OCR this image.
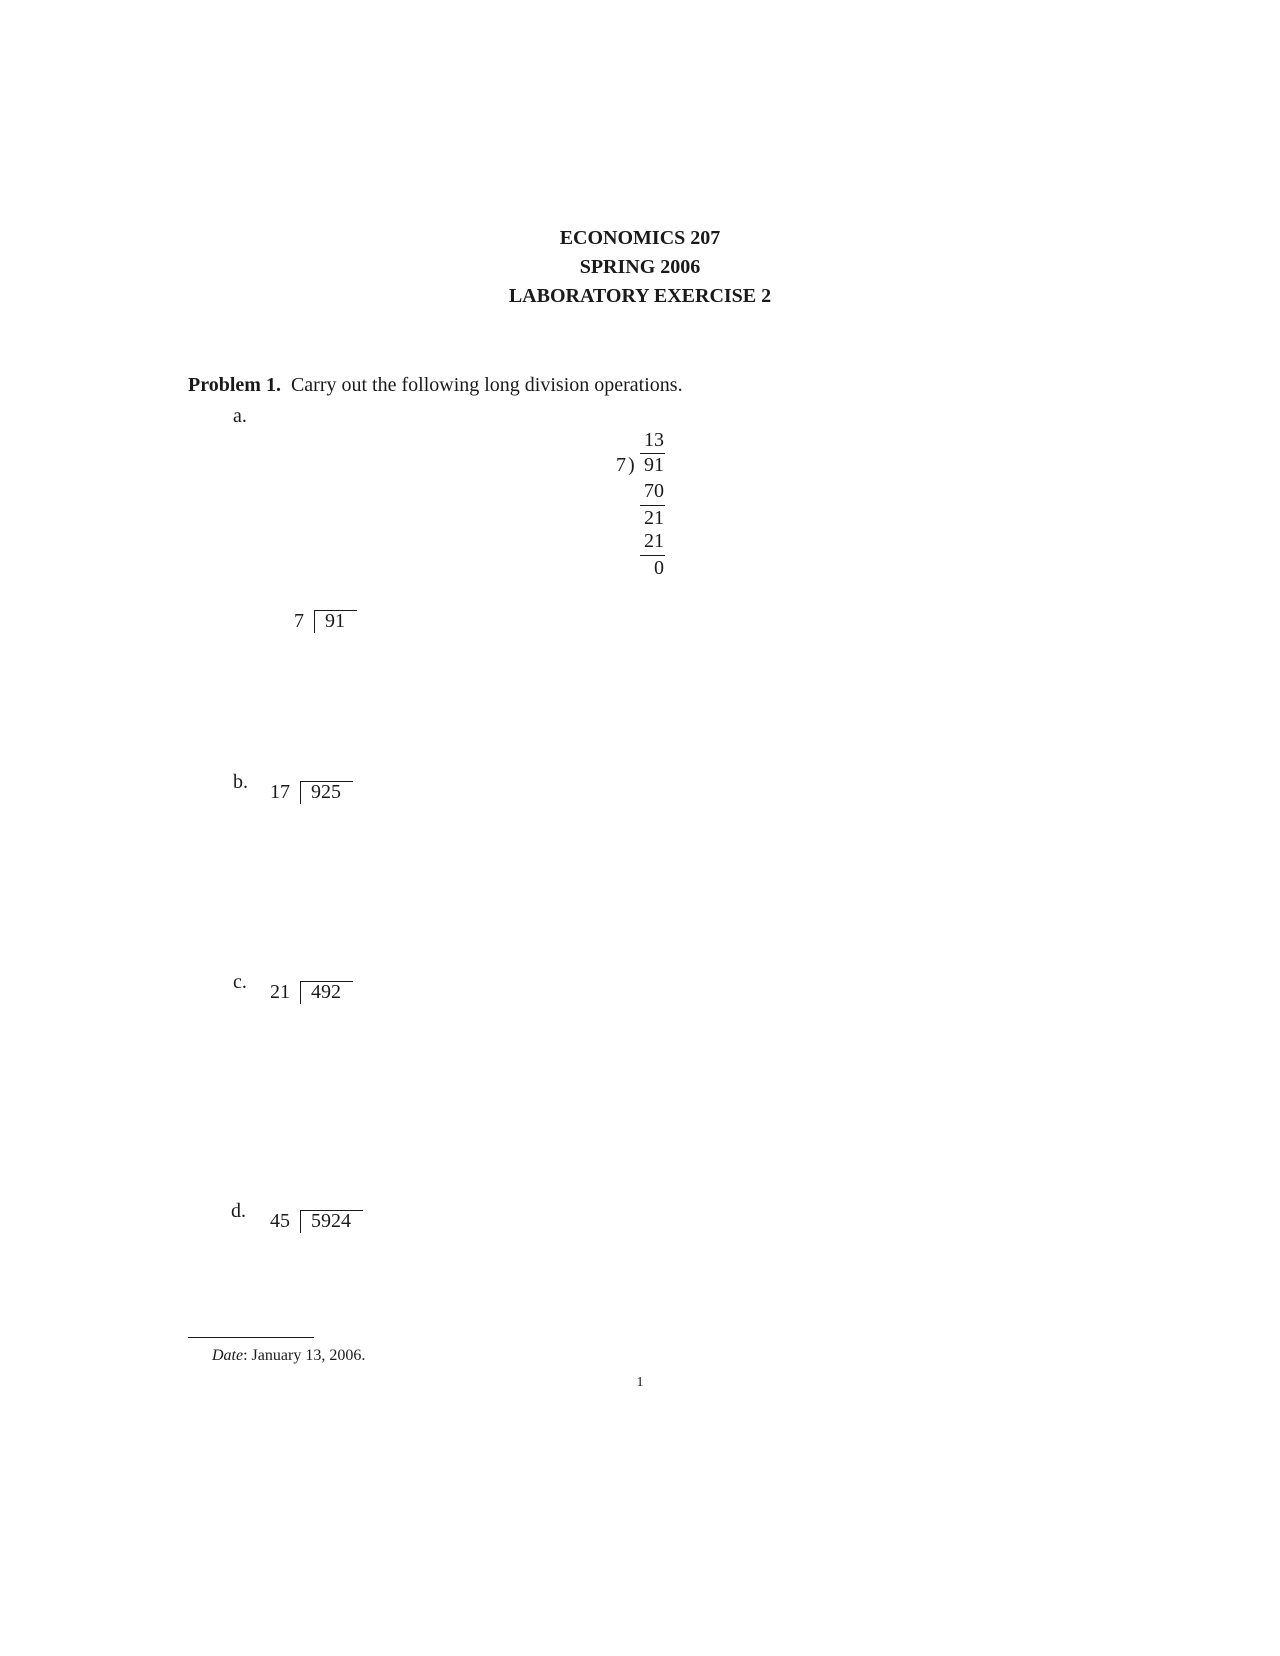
ECONOMICS 207
SPRING 2006
LABORATORY EXERCISE 2
Problem 1. Carry out the following long division operations.
a.
13
7 ) 91
70
21
21
0
7 91
b.	17 925
c.	21 492
d.	45 5924
Date: January 13, 2006.
1
